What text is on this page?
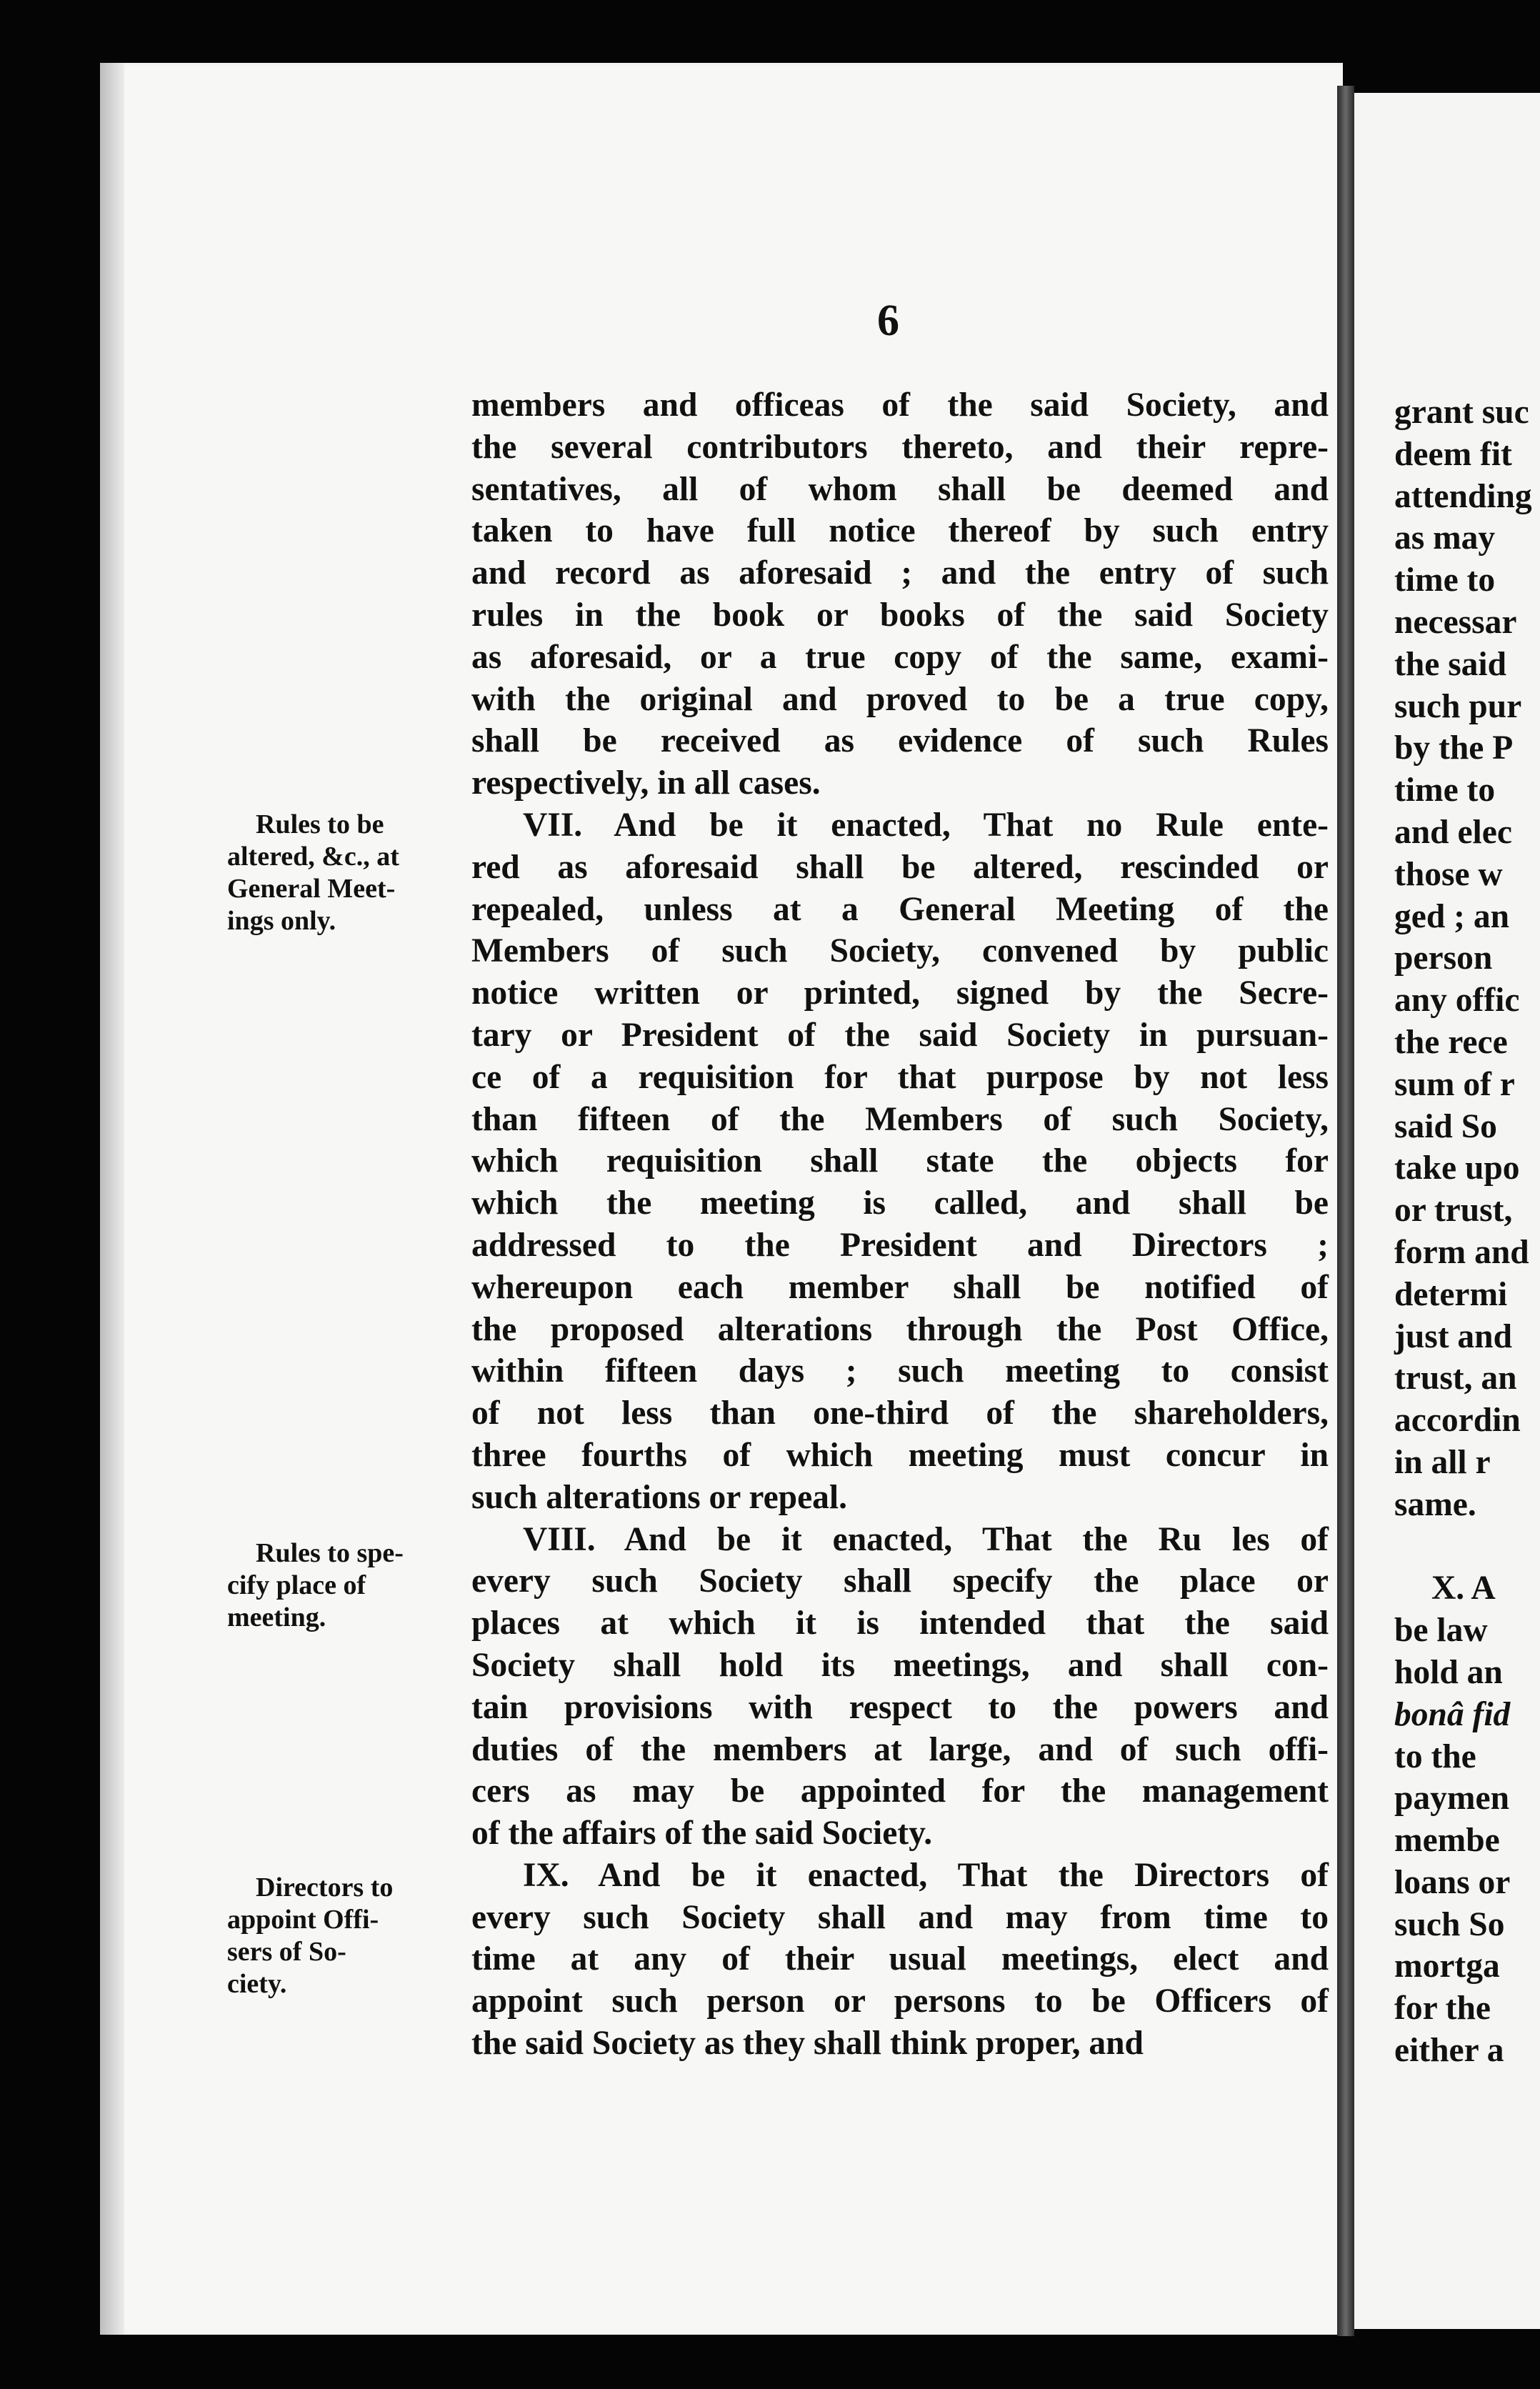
6
members and officeas of the said Society, and
the several contributors thereto, and their repre-
sentatives, all of whom shall be deemed and
taken to have full notice thereof by such entry
and record as aforesaid ; and the entry of such
rules in the book or books of the said Society
as aforesaid, or a true copy of the same, exami-
with the original and proved to be a true copy,
shall be received as evidence of such Rules
respectively, in all cases.
VII. And be it enacted, That no Rule ente-
red as aforesaid shall be altered, rescinded or
repealed, unless at a General Meeting of the
Members of such Society, convened by public
notice written or printed, signed by the Secre-
tary or President of the said Society in pursuan-
ce of a requisition for that purpose by not less
than fifteen of the Members of such Society,
which requisition shall state the objects for
which the meeting is called, and shall be
addressed to the President and Directors ;
whereupon each member shall be notified of
the proposed alterations through the Post Office,
within fifteen days ; such meeting to consist
of not less than one-third of the shareholders,
three fourths of which meeting must concur in
such alterations or repeal.
VIII. And be it enacted, That the Ru les of
every such Society shall specify the place or
places at which it is intended that the said
Society shall hold its meetings, and shall con-
tain provisions with respect to the powers and
duties of the members at large, and of such offi-
cers as may be appointed for the management
of the affairs of the said Society.
IX. And be it enacted, That the Directors of
every such Society shall and may from time to
time at any of their usual meetings, elect and
appoint such person or persons to be Officers of
the said Society as they shall think proper, and
Rules to be
altered, &c., at
General Meet-
ings only.
Rules to spe-
cify place of
meeting.
Directors to
appoint Offi-
sers of So-
ciety.
grant suc
deem fit
attending
as may
time to
necessar
the said
such pur
by the P
time to
and elec
those w
ged ; an
person
any offic
the rece
sum of r
said So
take upo
or trust,
form and
determi
just and
trust, an
accordin
in all r
same.
X. A
be law
hold an
bonâ fid
to the
paymen
membe
loans or
such So
mortga
for the
either a
